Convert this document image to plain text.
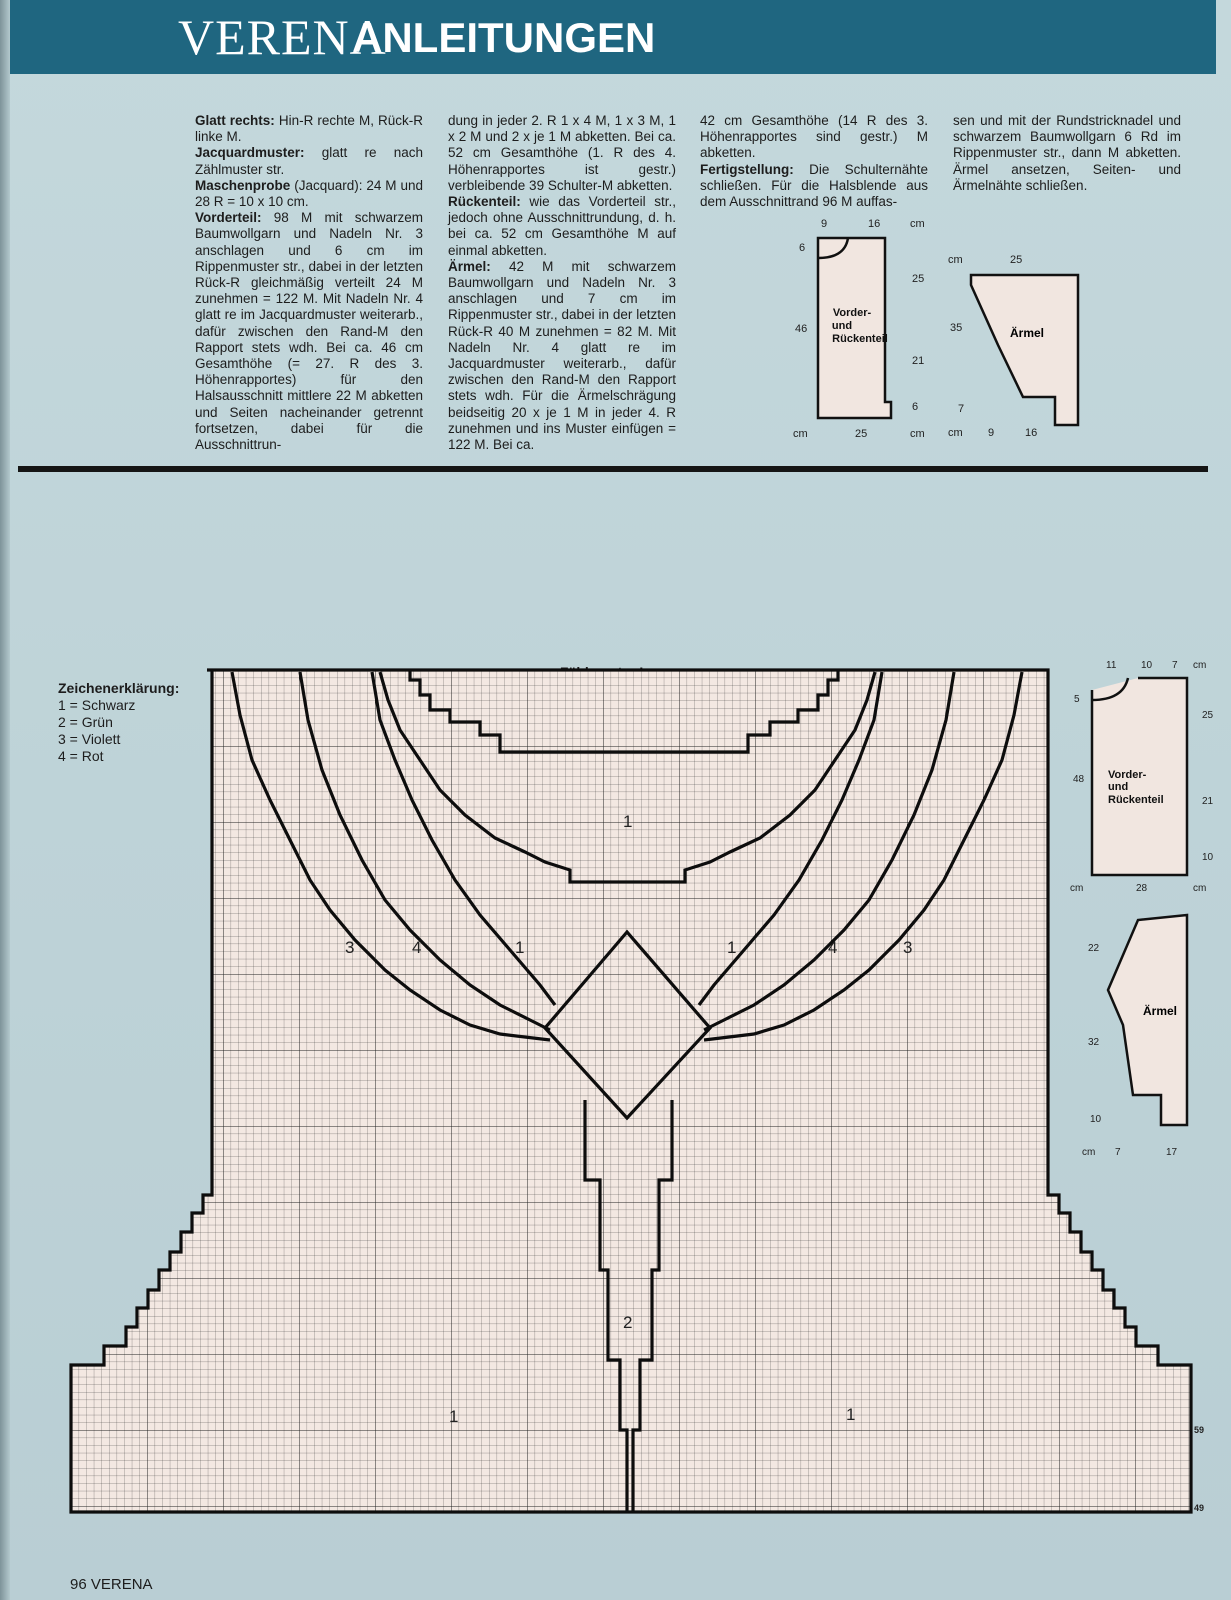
VERENA
ANLEITUNGEN

Glatt rechts: Hin-R rechte M, Rück-R linke M.

Jacquardmuster: glatt re nach Zählmuster str.

Maschenprobe (Jacquard): 24 M und 28 R = 10 x 10 cm.

Vorderteil: 98 M mit schwarzem Baumwollgarn und Nadeln Nr. 3 anschlagen und 6 cm im Rippenmuster str., dabei in der letzten Rück-R gleichmäßig verteilt 24 M zunehmen = 122 M. Mit Nadeln Nr. 4 glatt re im Jacquardmuster weiterarb., dafür zwischen den Rand-M den Rapport stets wdh. Bei ca. 46 cm Gesamthöhe (= 27. R des 3. Höhenrapportes) für den Halsausschnitt mittlere 22 M abketten und Seiten nacheinander getrennt fortsetzen, dabei für die Ausschnittrun-

dung in jeder 2. R 1 x 4 M, 1 x 3 M, 1 x 2 M und 2 x je 1 M abketten. Bei ca. 52 cm Gesamthöhe (1. R des 4. Höhenrapportes ist gestr.) verbleibende 39 Schulter-M abketten.

Rückenteil: wie das Vorderteil str., jedoch ohne Ausschnittrundung, d. h. bei ca. 52 cm Gesamthöhe M auf einmal abketten.

Ärmel: 42 M mit schwarzem Baumwollgarn und Nadeln Nr. 3 anschlagen und 7 cm im Rippenmuster str., dabei in der letzten Rück-R 40 M zunehmen = 82 M. Mit Nadeln Nr. 4 glatt re im Jacquardmuster weiterarb., dafür zwischen den Rand-M den Rapport stets wdh. Für die Ärmelschrägung beidseitig 20 x je 1 M in jeder 4. R zunehmen und ins Muster einfügen = 122 M. Bei ca.

42 cm Gesamthöhe (14 R des 3. Höhenrapportes sind gestr.) M abketten.

Fertigstellung: Die Schulternähte schließen. Für die Halsblende aus dem Ausschnittrand 96 M auffas-

sen und mit der Rundstricknadel und schwarzem Baumwollgarn 6 Rd im Rippenmuster str., dann M abketten. Ärmel ansetzen, Seiten- und Ärmelnähte schließen.

9	16	cm
6
46
25
21
6
cm	25	cm
Vorder-
und
Rückenteil
cm	25
35
7
cm 9	16
Ärmel
Zeichenerklärung:
1 = Schwarz
2 = Grün
3 = Violett
4 = Rot
1
3	4	1	1	4	3
2
1	1
59
49
11 10 7 cm
5
48
25
21
10
cm	28	cm
Vorder-
und
Rückenteil
22
32
10
cm 7	17
Ärmel
96 VERENA
